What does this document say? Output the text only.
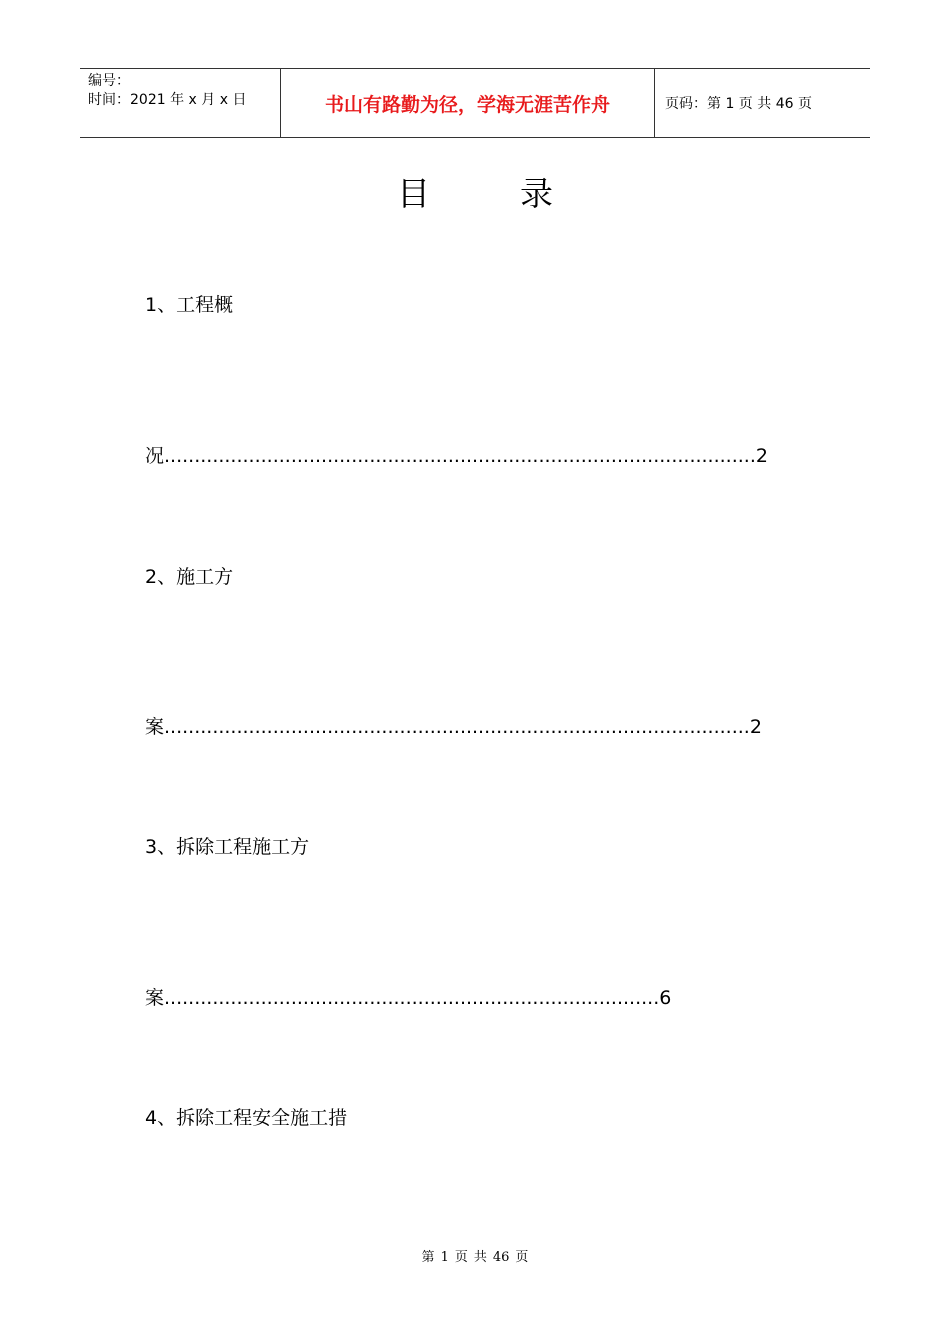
编号：
时间：2021 年 x 月 x 日	书山有路勤为径，学海无涯苦作舟	页码：第 1 页 共 46 页
目	录
1、工程概
况..................................................................................................2
2、施工方
案.................................................................................................2
3、拆除工程施工方
案..................................................................................6
4、拆除工程安全施工措
第 1 页 共 46 页
